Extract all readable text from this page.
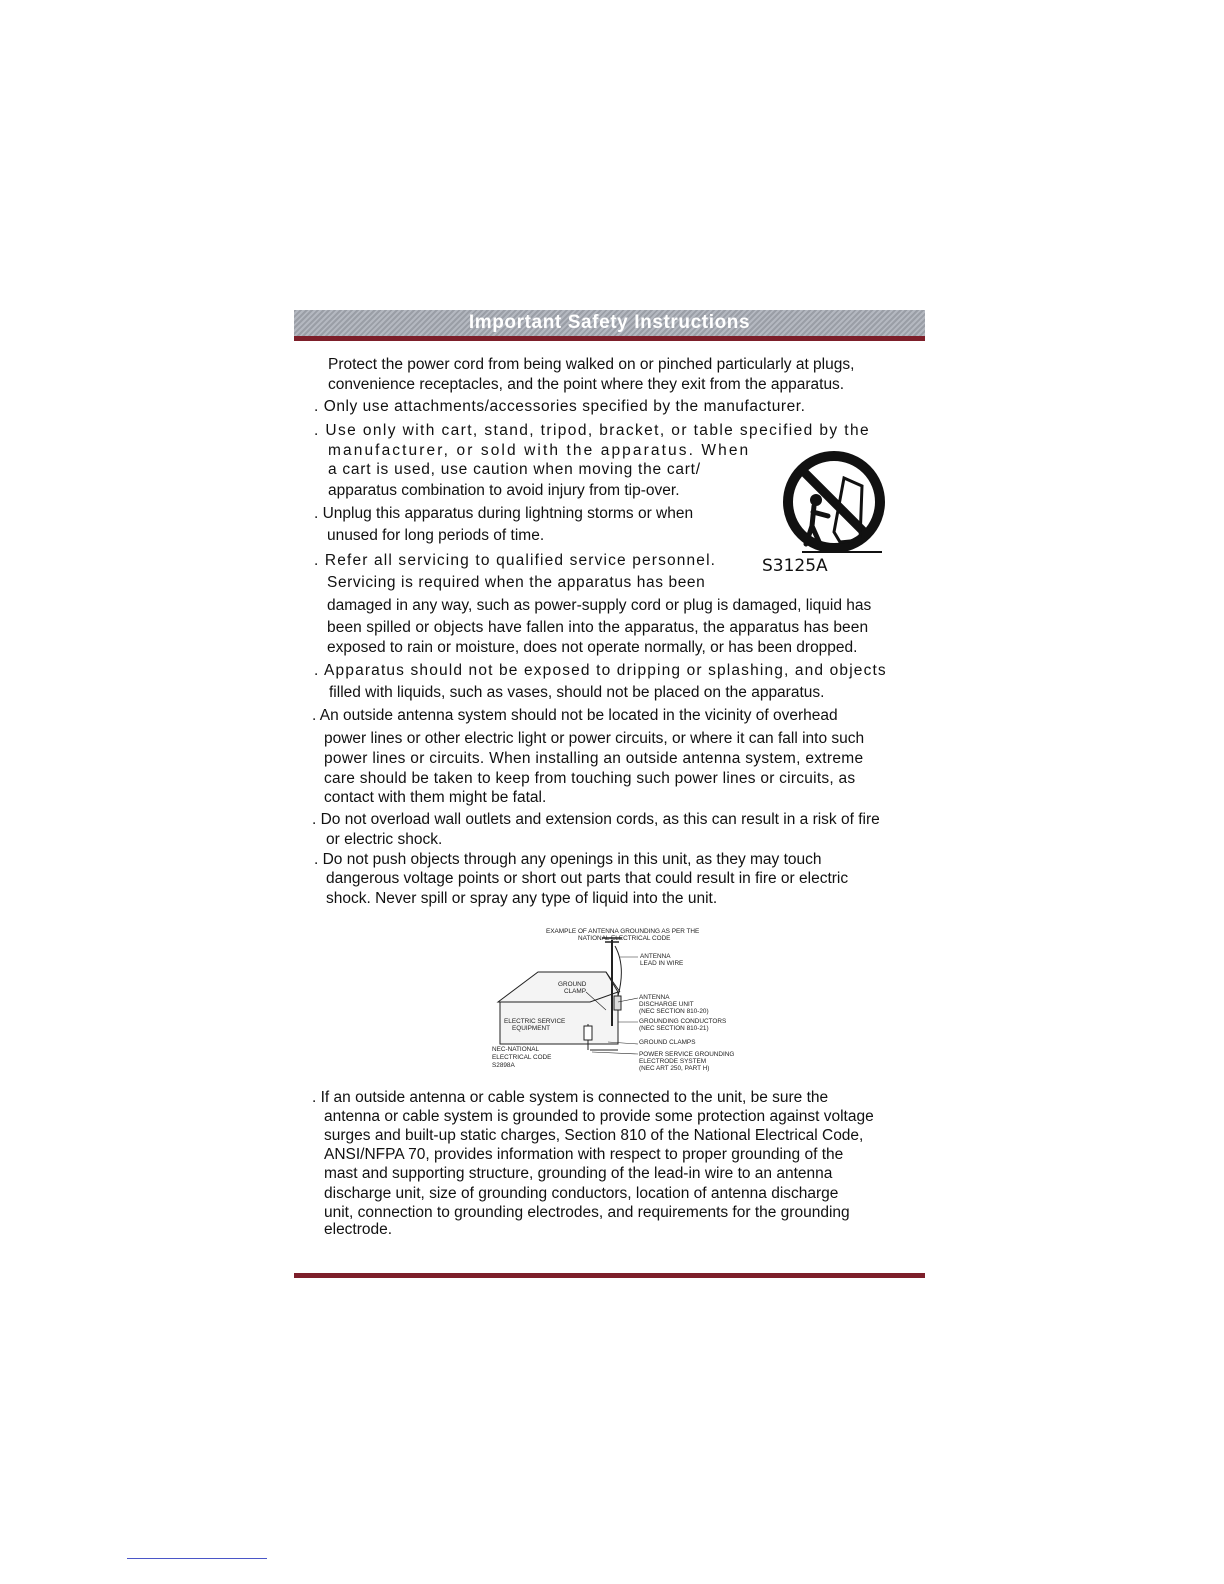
Important Safety Instructions

Protect the power cord from being walked on or pinched particularly at plugs,

convenience receptacles, and the point where they exit from the apparatus.

. Only use attachments/accessories specified by the manufacturer.

. Use only with cart, stand, tripod, bracket, or table specified by the

manufacturer, or sold with the apparatus. When

a cart is used, use caution when moving the cart/

apparatus combination to avoid injury from tip-over.

. Unplug this apparatus during lightning storms or when

unused for long periods of time.

. Refer all servicing to qualified service personnel.

Servicing is required when the apparatus has been

damaged in any way, such as power-supply cord or plug is damaged, liquid has

been spilled or objects have fallen into the apparatus, the apparatus has been

exposed to rain or moisture, does not operate normally, or has been dropped.

. Apparatus should not be exposed to dripping or splashing, and objects

filled with liquids, such as vases, should not be placed on the apparatus.

. An outside antenna system should not be located in the vicinity of overhead

power lines or other electric light or power circuits, or where it can fall into such

power lines or circuits. When installing an outside antenna system, extreme

care should be taken to keep from touching such power lines or circuits, as

contact with them might be fatal.

. Do not overload wall outlets and extension cords, as this can result in a risk of fire

or electric shock.

. Do not push objects through any openings in this unit, as they may touch

dangerous voltage points or short out parts that could result in fire or electric

shock. Never spill or spray any type of liquid into the unit.

. If an outside antenna or cable system is connected to the unit, be sure the

antenna or cable system is grounded to provide some protection against voltage

surges and built-up static charges, Section 810 of the National Electrical Code,

ANSI/NFPA 70, provides information with respect to proper grounding of the

mast and supporting structure, grounding of the lead-in wire to an antenna

discharge unit, size of grounding conductors, location of antenna discharge

unit, connection to grounding electrodes, and requirements for the grounding

electrode.

S3125A
EXAMPLE OF ANTENNA GROUNDING AS PER THE
NATIONAL ELECTRICAL CODE
ANTENNA
LEAD IN WIRE
GROUND
CLAMP
ANTENNA
DISCHARGE UNIT
(NEC SECTION 810-20)
GROUNDING CONDUCTORS
(NEC SECTION 810-21)
ELECTRIC SERVICE
EQUIPMENT
GROUND CLAMPS
NEC-NATIONAL
ELECTRICAL CODE
S2898A
POWER SERVICE GROUNDING
ELECTRODE SYSTEM
(NEC ART 250, PART H)
